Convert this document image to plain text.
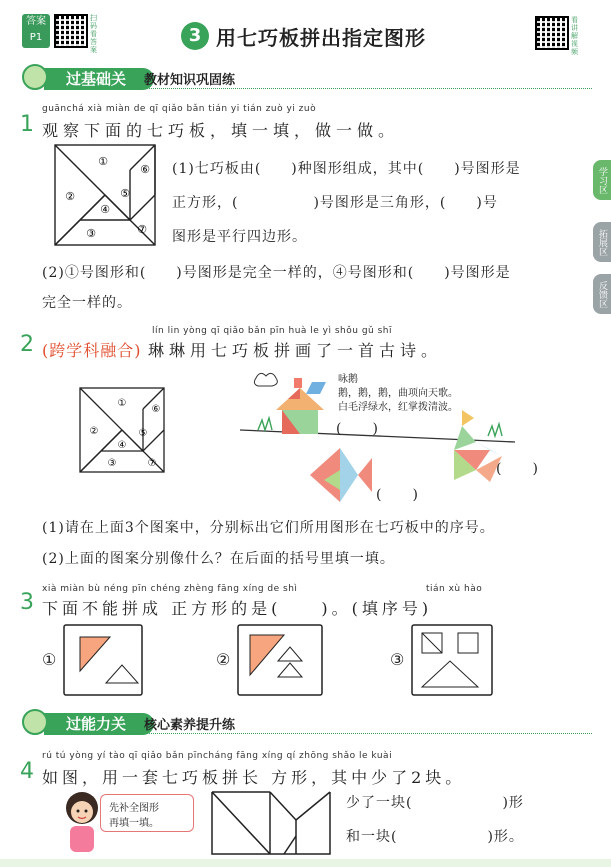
答案
P1
扫码看答案
3 用七巧板拼出指定图形
看讲解视频
学习区
拓展区
反馈区
过基础关	教材知识巩固练
guānchá xià miàn de qī qiǎo bǎn tián yi tián zuò yi zuò
1 观察下面的七巧板，填一填，做一做。
①
②
③
④
⑤
⑥
⑦
(1)七巧板由(　　)种图形组成，其中(　　)号图形是
正方形，(　　　　　)号图形是三角形，(　　)号
图形是平行四边形。
(2)①号图形和(　　)号图形是完全一样的，④号图形和(　　)号图形是
完全一样的。
lín lin yòng qī qiǎo bǎn pīn huà le yì shǒu gǔ shī
2 (跨学科融合) 琳琳用七巧板拼画了一首古诗。
①
②
③
④
⑤
⑥
⑦
咏鹅
鹅，鹅，鹅，曲项向天歌。
白毛浮绿水，红掌拨清波。
(　　)
(　　)
(　　)
(1)请在上面3个图案中，分别标出它们所用图形在七巧板中的序号。
(2)上面的图案分别像什么？在后面的括号里填一填。
xià miàn bù néng pīn chéng zhèng fāng xíng de shì	tián xù hào
3 下面不能拼成 正方形的是(　　)。(填序号)
①	②	③
过能力关	核心素养提升练
rú tú yòng yí tào qī qiǎo bǎn pīncháng fāng xíng qí zhōng shǎo le kuài
4 如图，用一套七巧板拼长 方形，其中少了2块。
先补全图形
再填一填。
少了一块(　　　　　　)形
和一块(　　　　　　)形。
